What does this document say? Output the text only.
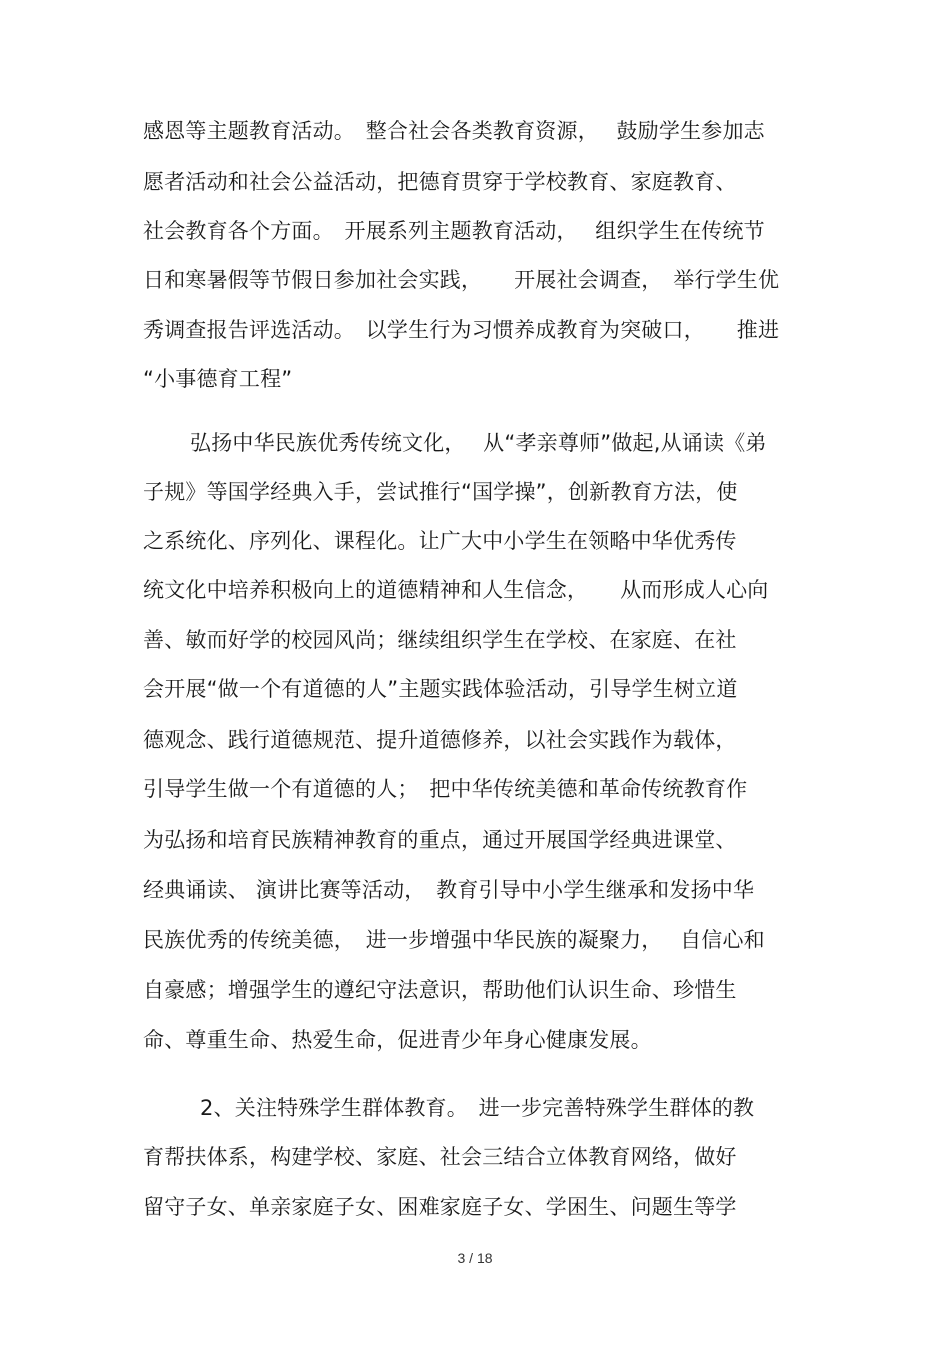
感恩等主题教育活动。　整合社会各类教育资源，　 鼓励学生参加志
愿者活动和社会公益活动，把德育贯穿于学校教育、家庭教育、
社会教育各个方面。　开展系列主题教育活动，　 组织学生在传统节
日和寒暑假等节假日参加社会实践，　　开展社会调查，　举行学生优
秀调查报告评选活动。　以学生行为习惯养成教育为突破口，　　推进
“小事德育工程”
弘扬中华民族优秀传统文化，　 从“孝亲尊师”做起,从诵读《弟
子规》等国学经典入手，尝试推行“国学操”，创新教育方法，使
之系统化、序列化、课程化。让广大中小学生在领略中华优秀传
统文化中培养积极向上的道德精神和人生信念，　　从而形成人心向
善、敏而好学的校园风尚；继续组织学生在学校、在家庭、在社
会开展“做一个有道德的人”主题实践体验活动，引导学生树立道
德观念、践行道德规范、提升道德修养，以社会实践作为载体，
引导学生做一个有道德的人；　把中华传统美德和革命传统教育作
为弘扬和培育民族精神教育的重点，通过开展国学经典进课堂、
经典诵读、 演讲比赛等活动，　教育引导中小学生继承和发扬中华
民族优秀的传统美德，　进一步增强中华民族的凝聚力，　 自信心和
自豪感；增强学生的遵纪守法意识，帮助他们认识生命、珍惜生
命、尊重生命、热爱生命，促进青少年身心健康发展。
2、关注特殊学生群体教育。　进一步完善特殊学生群体的教
育帮扶体系，构建学校、家庭、社会三结合立体教育网络，做好
留守子女、单亲家庭子女、困难家庭子女、学困生、问题生等学
3 / 18
